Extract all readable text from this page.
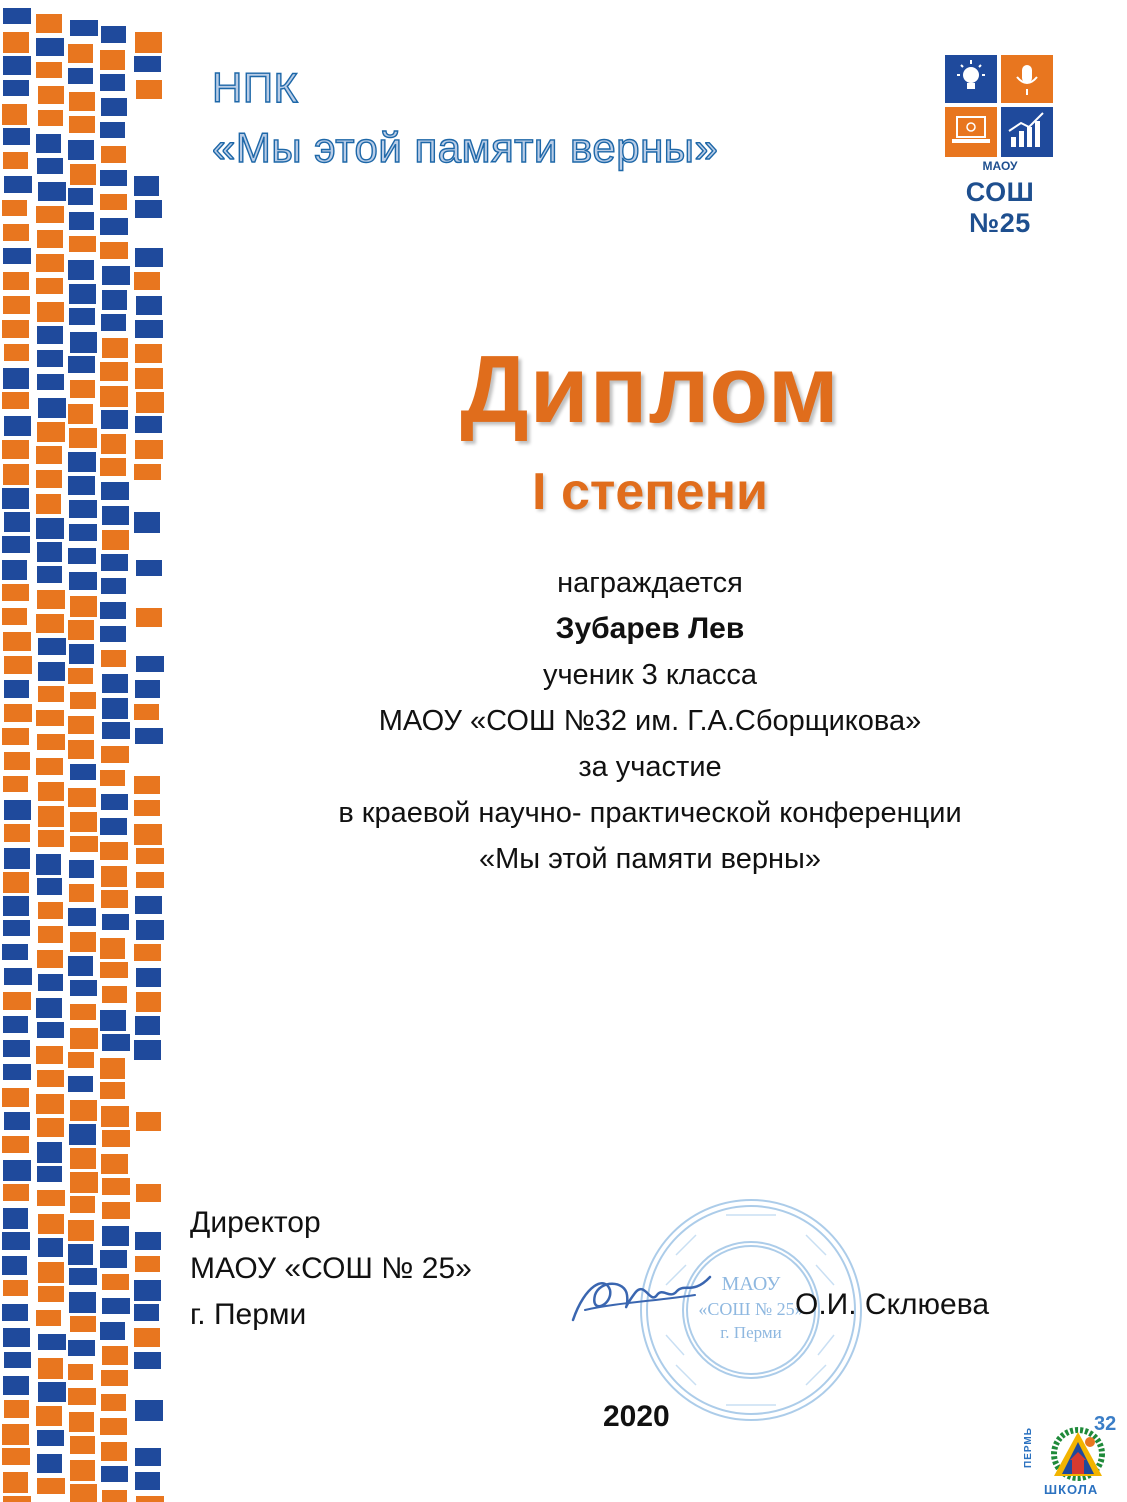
НПК
«Мы этой памяти верны»	МАОУ
СОШ №25
Диплом
I степени
награждается
Зубарев Лев
ученик 3 класса
МАОУ «СОШ №32 им. Г.А.Сборщикова»
за участие
в краевой научно- практической конференции
«Мы этой памяти верны»
МАОУ
«СОШ № 25»
г. Перми
Директор
МАОУ «СОШ № 25»
г. Перми	О.И. Склюева
2020	32
ШКОЛА
ПЕРМЬ
